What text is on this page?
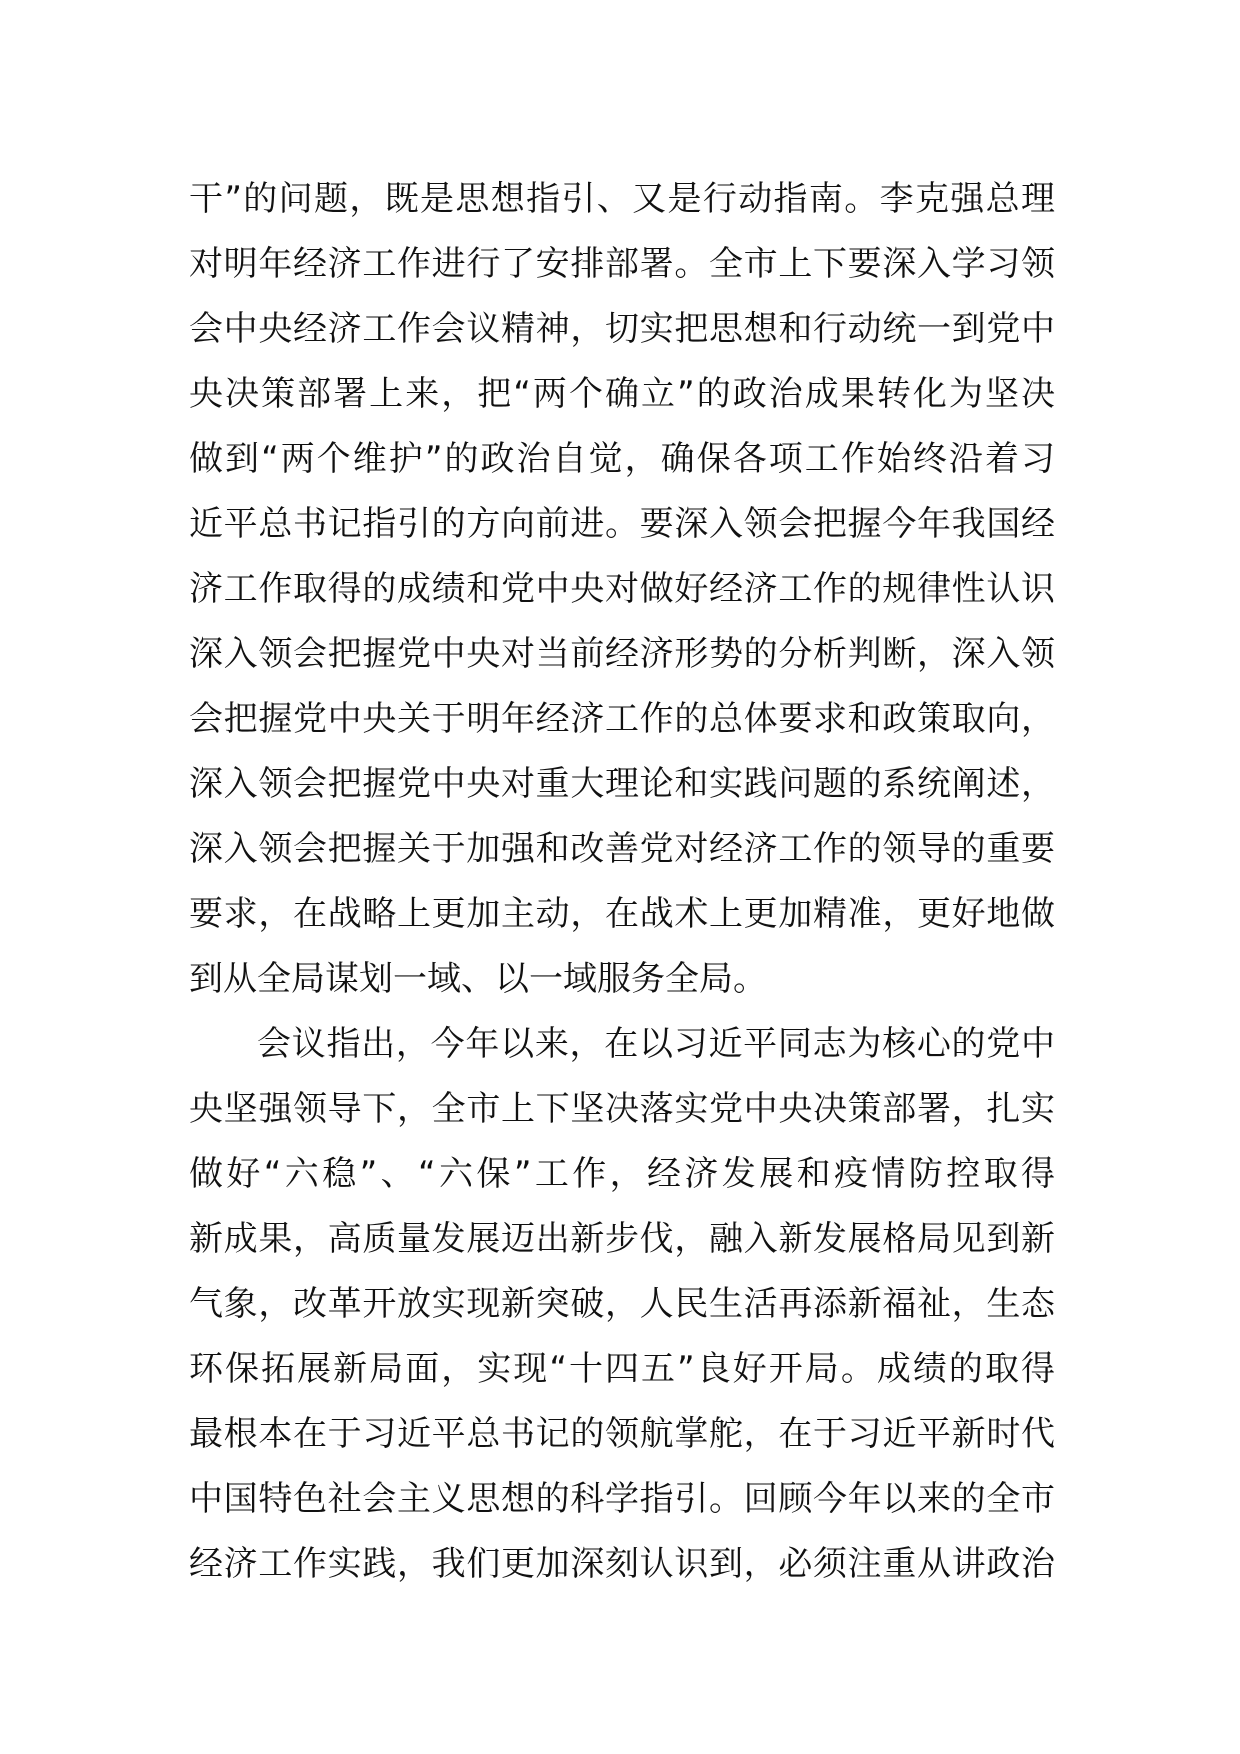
干”的问题，既是思想指引、又是行动指南。李克强总理
对明年经济工作进行了安排部署。全市上下要深入学习领
会中央经济工作会议精神，切实把思想和行动统一到党中
央决策部署上来，把“两个确立”的政治成果转化为坚决
做到“两个维护”的政治自觉，确保各项工作始终沿着习
近平总书记指引的方向前进。要深入领会把握今年我国经
济工作取得的成绩和党中央对做好经济工作的规律性认识
深入领会把握党中央对当前经济形势的分析判断，深入领
会把握党中央关于明年经济工作的总体要求和政策取向，
深入领会把握党中央对重大理论和实践问题的系统阐述，
深入领会把握关于加强和改善党对经济工作的领导的重要
要求，在战略上更加主动，在战术上更加精准，更好地做
到从全局谋划一域、以一域服务全局。
会议指出，今年以来，在以习近平同志为核心的党中
央坚强领导下，全市上下坚决落实党中央决策部署，扎实
做好“六稳”、“六保”工作，经济发展和疫情防控取得
新成果，高质量发展迈出新步伐，融入新发展格局见到新
气象，改革开放实现新突破，人民生活再添新福祉，生态
环保拓展新局面，实现“十四五”良好开局。成绩的取得
最根本在于习近平总书记的领航掌舵，在于习近平新时代
中国特色社会主义思想的科学指引。回顾今年以来的全市
经济工作实践，我们更加深刻认识到，必须注重从讲政治
